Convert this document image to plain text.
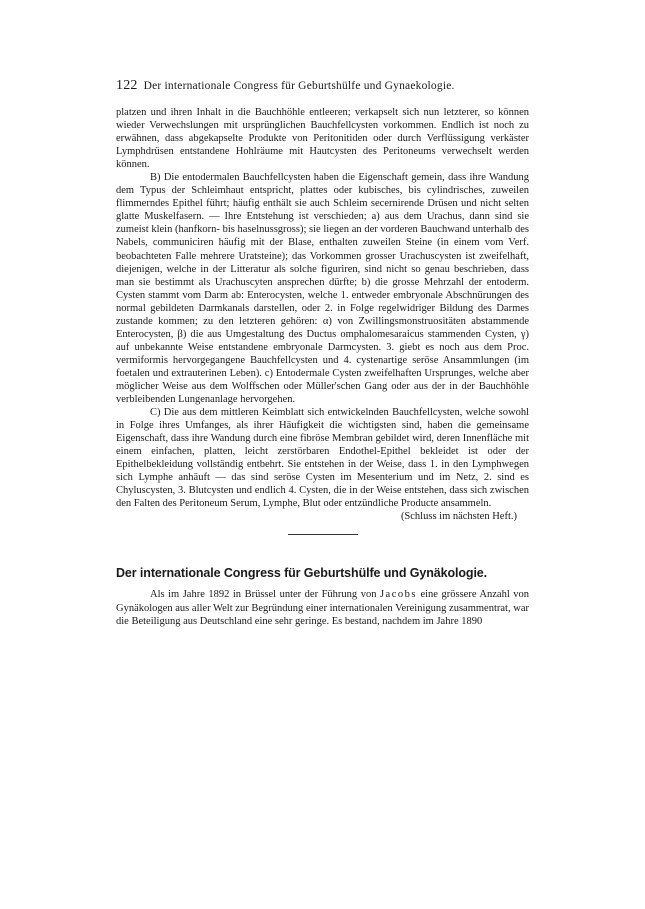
122 Der internationale Congress für Geburtshülfe und Gynaekologie.

platzen und ihren Inhalt in die Bauchhöhle entleeren; verkapselt sich nun letzterer, so können wieder Verwechslungen mit ursprünglichen Bauchfellcysten vorkommen. Endlich ist noch zu erwähnen, dass abgekapselte Produkte von Peritonitiden oder durch Verflüssigung verkäster Lymphdrüsen entstandene Hohlräume mit Hautcysten des Peritoneums verwechselt werden können.

B) Die entodermalen Bauchfellcysten haben die Eigenschaft gemein, dass ihre Wandung dem Typus der Schleimhaut entspricht, plattes oder kubisches, bis cylindrisches, zuweilen flimmerndes Epithel führt; häufig enthält sie auch Schleim secernirende Drüsen und nicht selten glatte Muskelfasern. — Ihre Entstehung ist verschieden; a) aus dem Urachus, dann sind sie zumeist klein (hanfkorn- bis haselnussgross); sie liegen an der vorderen Bauchwand unterhalb des Nabels, communiciren häufig mit der Blase, enthalten zuweilen Steine (in einem vom Verf. beobachteten Falle mehrere Uratsteine); das Vorkommen grosser Urachuscysten ist zweifelhaft, diejenigen, welche in der Litteratur als solche figuriren, sind nicht so genau beschrieben, dass man sie bestimmt als Urachuscyten ansprechen dürfte; b) die grosse Mehrzahl der entoderm. Cysten stammt vom Darm ab: Enterocysten, welche 1. entweder embryonale Abschnürungen des normal gebildeten Darmkanals darstellen, oder 2. in Folge regelwidriger Bildung des Darmes zustande kommen; zu den letzteren gehören: α) von Zwillingsmonstruositäten abstammende Enterocysten, β) die aus Umgestaltung des Ductus omphalomesaraicus stammenden Cysten, γ) auf unbekannte Weise entstandene embryonale Darmcysten. 3. giebt es noch aus dem Proc. vermiformis hervorgegangene Bauchfellcysten und 4. cystenartige seröse Ansammlungen (im foetalen und extrauterinen Leben). c) Entodermale Cysten zweifelhaften Ursprunges, welche aber möglicher Weise aus dem Wolffschen oder Müller'schen Gang oder aus der in der Bauchhöhle verbleibenden Lungenanlage hervorgehen.

C) Die aus dem mittleren Keimblatt sich entwickelnden Bauchfellcysten, welche sowohl in Folge ihres Umfanges, als ihrer Häufigkeit die wichtigsten sind, haben die gemeinsame Eigenschaft, dass ihre Wandung durch eine fibröse Membran gebildet wird, deren Innenfläche mit einem einfachen, platten, leicht zerstörbaren Endothel-Epithel bekleidet ist oder der Epithelbekleidung vollständig entbehrt. Sie entstehen in der Weise, dass 1. in den Lymphwegen sich Lymphe anhäuft — das sind seröse Cysten im Mesenterium und im Netz, 2. sind es Chyluscysten, 3. Blutcysten und endlich 4. Cysten, die in der Weise entstehen, dass sich zwischen den Falten des Peritoneum Serum, Lymphe, Blut oder entzündliche Producte ansammeln.

(Schluss im nächsten Heft.)
Der internationale Congress für Geburtshülfe und Gynäkologie.

Als im Jahre 1892 in Brüssel unter der Führung von Jacobs eine grössere Anzahl von Gynäkologen aus aller Welt zur Begründung einer internationalen Vereinigung zusammentrat, war die Beteiligung aus Deutschland eine sehr geringe. Es bestand, nachdem im Jahre 1890
